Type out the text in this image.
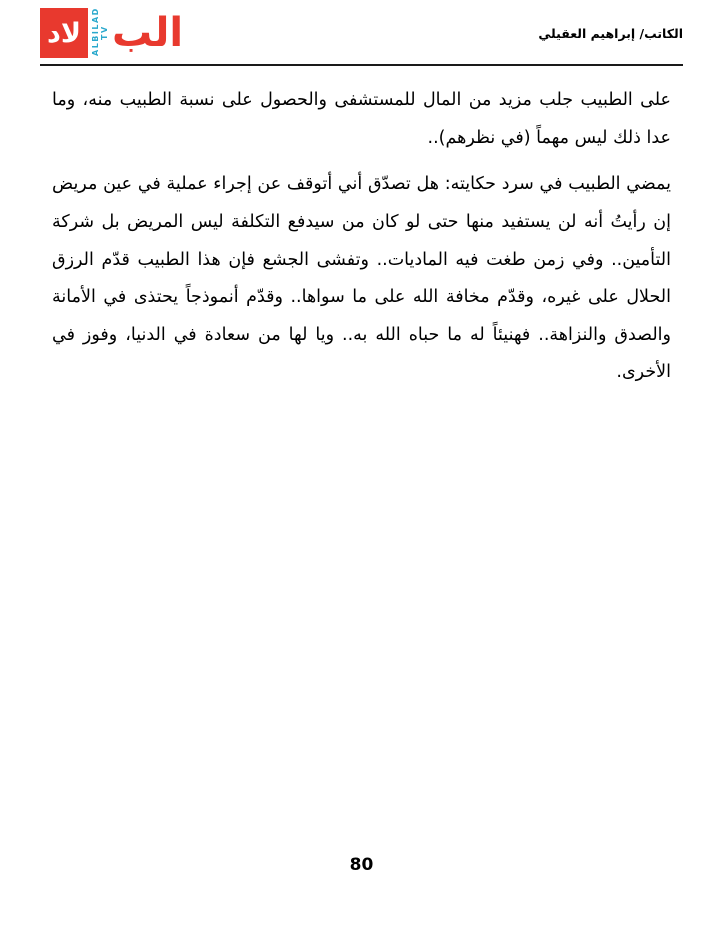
لاد	ALBILAD TV الب	الكاتب/ إبراهيم العقيلي

على الطبيب جلب مزيد من المال للمستشفى والحصول على نسبة الطبيب منه، وما عدا ذلك ليس مهماً (في نظرهم)..

يمضي الطبيب في سرد حكايته: هل تصدّق أني أتوقف عن إجراء عملية في عين مريض إن رأيتُ أنه لن يستفيد منها حتى لو كان من سيدفع التكلفة ليس المريض بل شركة التأمين.. وفي زمن طغت فيه الماديات.. وتفشى الجشع فإن هذا الطبيب قدّم الرزق الحلال على غيره، وقدّم مخافة الله على ما سواها.. وقدّم أنموذجاً يحتذى في الأمانة والصدق والنزاهة.. فهنيئاً له ما حباه الله به.. ويا لها من سعادة في الدنيا، وفوز في الأخرى.

80
